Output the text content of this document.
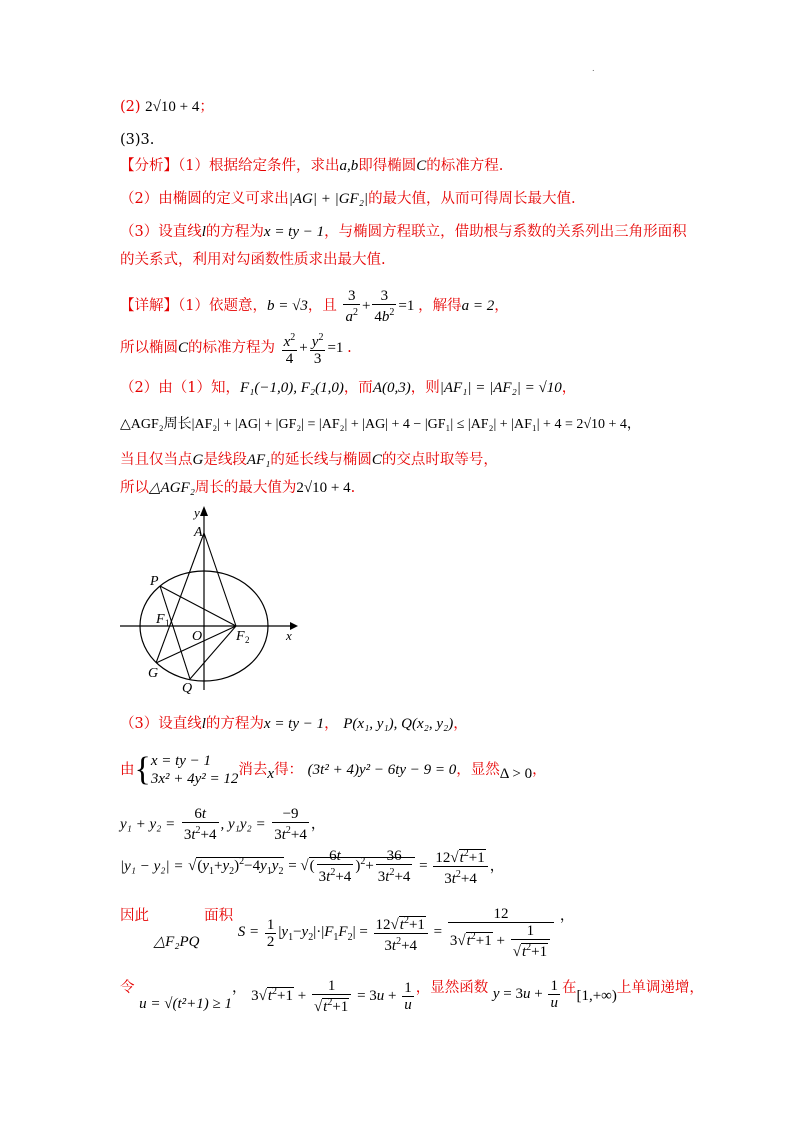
.
(2) 2√10 + 4；
(3)3.
【分析】（1）根据给定条件，求出a,b即得椭圆C的标准方程.
（2）由椭圆的定义可求出|AG| + |GF₂|的最大值，从而可得周长最大值.
（3）设直线l的方程为x = ty − 1，与椭圆方程联立，借助根与系数的关系列出三角形面积
的关系式，利用对勾函数性质求出最大值.
【详解】（1）依题意，b = √3，且 $\frac{3}{a^2} + \frac{3}{4b^2} =1$ ，解得a = 2，
所以椭圆C的标准方程为 $\frac{x^2}{4} + \frac{y^2}{3} =1$ .
（2）由（1）知，F₁(−1,0), F₂(1,0)，而A(0,3)，则|AF₁| = |AF₂| = √10，
△AGF₂周长|AF₂| + |AG| + |GF₂| = |AF₂| + |AG| + 4 − |GF₁| ≤ |AF₂| + |AF₁| + 4 = 2√10 + 4，
当且仅当点G是线段AF₁的延长线与椭圆C的交点时取等号，
所以△AGF₂周长的最大值为2√10 + 4.
y
A
P
F 1
O F 2	x
G
Q
（3）设直线l的方程为x = ty − 1， P(x₁, y₁), Q(x₂, y₂)，
由{ x = ty − 1
3x² + 4y² = 12
消去x得： (3t² + 4)y² − 6ty − 9 = 0，显然Δ > 0，
$y_1 + y_2 = \frac{6t}{3t^2+4}$ , $y_1y_2 = \frac{-9}{3t^2+4}$ ，
$|y_1 - y_2| = √(y_1+y_2)^2-4y_1y_2$ = √( $\frac{6t}{3t^2+4} )^2+ \frac{36}{3t^2+4} = \frac{12√t^2+1}{3t^2+4}$ ，
因此 △F₂PQ 面积 $S = \frac{1}{2} |y_1-y_2|\cdot|F_1F_2| = \frac{12√t^2+1}{3t^2+4} = \frac{12}{3√t^2+1 + \frac{1}{√t^2+1}}$ ，
令 u = √(t²+1) ≥ 1， $3√t^2+1 + \frac{1}{√t^2+1} = 3u + \frac{1}{u}$ ，显然函数 $y = 3u + \frac{1}{u}$ 在[1,+∞)上单调递增，
